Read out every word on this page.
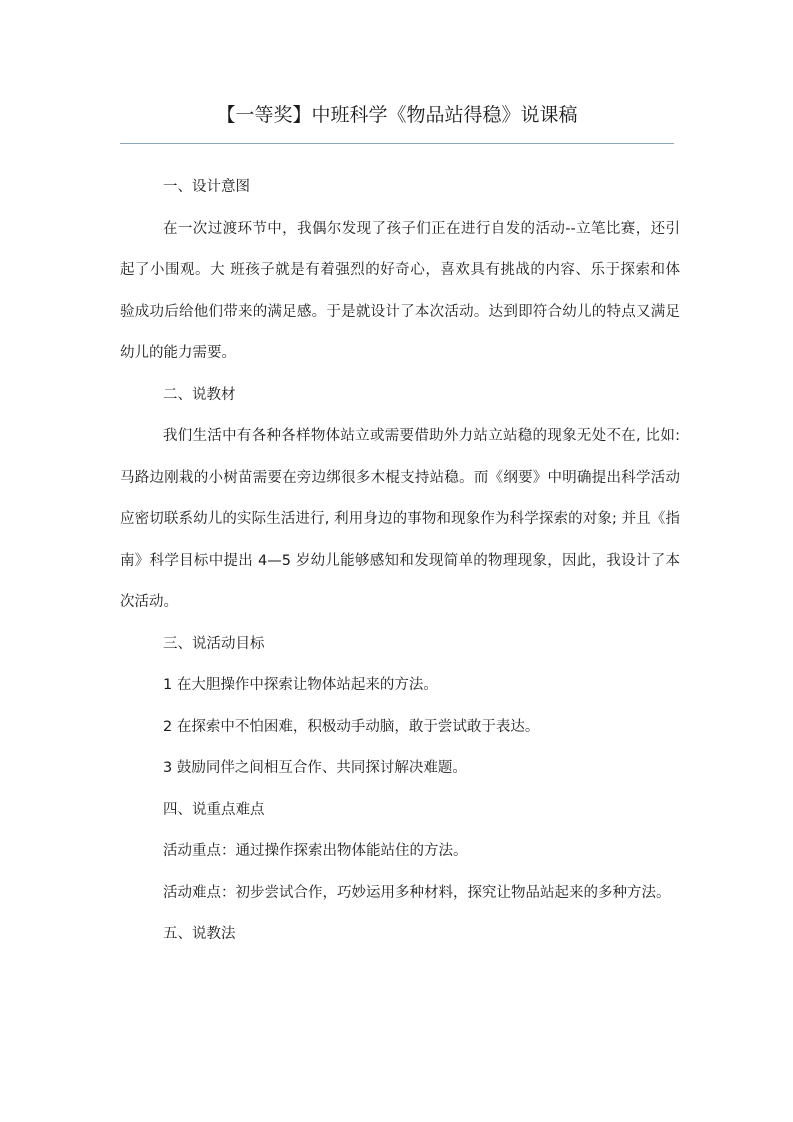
【一等奖】中班科学《物品站得稳》说课稿
一、设计意图
在一次过渡环节中，我偶尔发现了孩子们正在进行自发的活动--立笔比赛，还引
起了小围观。大 班孩子就是有着强烈的好奇心，喜欢具有挑战的内容、乐于探索和体
验成功后给他们带来的满足感。于是就设计了本次活动。达到即符合幼儿的特点又满足
幼儿的能力需要。
二、说教材
我们生活中有各种各样物体站立或需要借助外力站立站稳的现象无处不在, 比如:
马路边刚栽的小树苗需要在旁边绑很多木棍支持站稳。而《纲要》中明确提出科学活动
应密切联系幼儿的实际生活进行, 利用身边的事物和现象作为科学探索的对象; 并且《指
南》科学目标中提出 4—5 岁幼儿能够感知和发现简单的物理现象，因此，我设计了本
次活动。
三、说活动目标
1 在大胆操作中探索让物体站起来的方法。
2 在探索中不怕困难，积极动手动脑，敢于尝试敢于表达。
3 鼓励同伴之间相互合作、共同探讨解决难题。
四、说重点难点
活动重点：通过操作探索出物体能站住的方法。
活动难点：初步尝试合作，巧妙运用多种材料，探究让物品站起来的多种方法。
五、说教法
